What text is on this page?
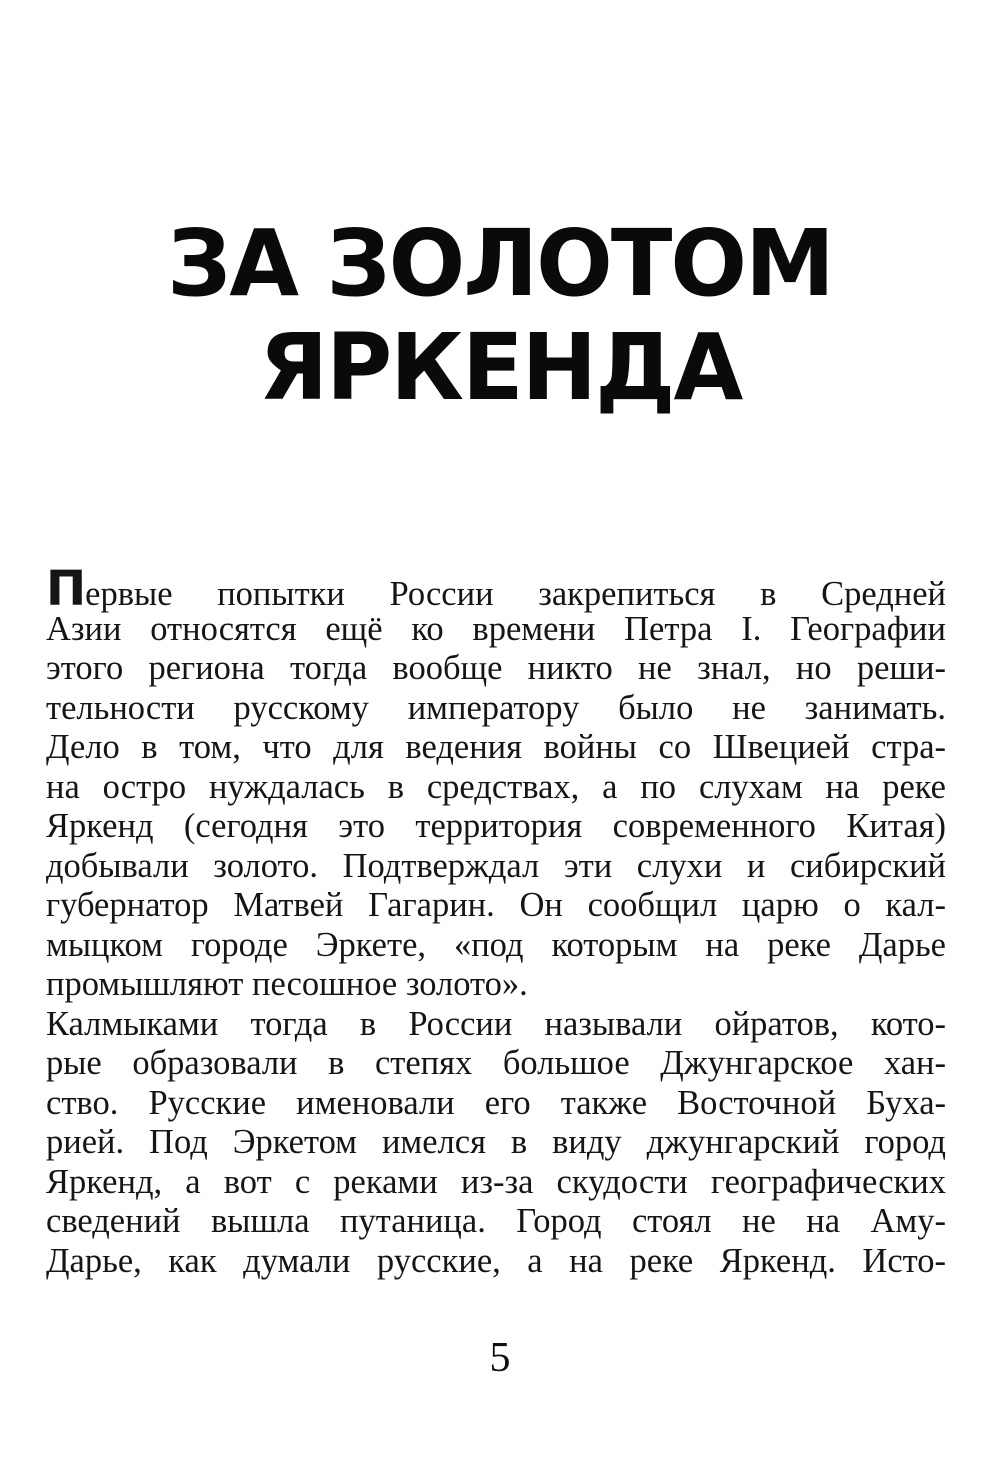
ЗА ЗОЛОТОМ
ЯРКЕНДА
Первые попытки России закрепиться в Средней
Азии относятся ещё ко времени Петра I. Географии
этого региона тогда вообще никто не знал, но реши-
тельности русскому императору было не занимать.
Дело в том, что для ведения войны со Швецией стра-
на остро нуждалась в средствах, а по слухам на реке
Яркенд (сегодня это территория современного Китая)
добывали золото. Подтверждал эти слухи и сибирский
губернатор Матвей Гагарин. Он сообщил царю о кал-
мыцком городе Эркете, «под которым на реке Дарье
промышляют песошное золото».
Калмыками тогда в России называли ойратов, кото-
рые образовали в степях большое Джунгарское хан-
ство. Русские именовали его также Восточной Буха-
рией. Под Эркетом имелся в виду джунгарский город
Яркенд, а вот с реками из-за скудости географических
сведений вышла путаница. Город стоял не на Аму-
Дарье, как думали русские, а на реке Яркенд. Исто-
5
